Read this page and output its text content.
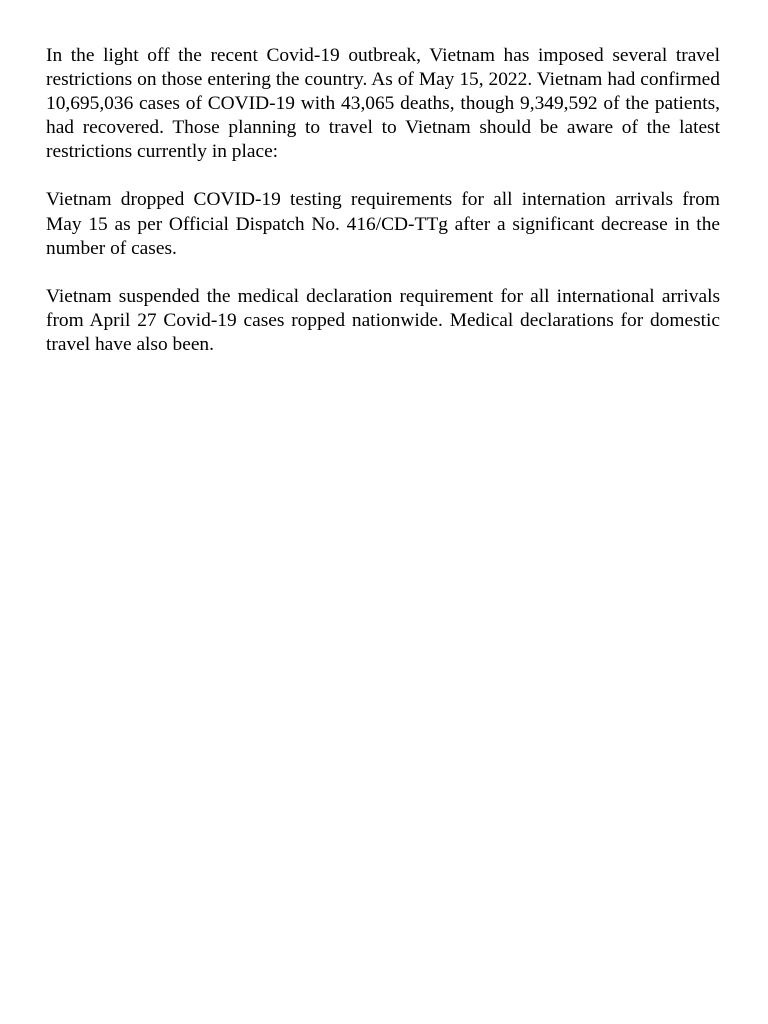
In the light off the recent Covid-19 outbreak, Vietnam has imposed several travel restrictions on those entering the country. As of May 15, 2022. Vietnam had confirmed 10,695,036 cases of COVID-19 with 43,065 deaths, though 9,349,592 of the patients, had recovered. Those planning to travel to Vietnam should be aware of the latest restrictions currently in place:

Vietnam dropped COVID-19 testing requirements for all internation arrivals from May 15 as per Official Dispatch No. 416/CD-TTg after a significant decrease in the number of cases.

Vietnam suspended the medical declaration requirement for all international arrivals from April 27 Covid-19 cases ropped nationwide. Medical declarations for domestic travel have also been.
